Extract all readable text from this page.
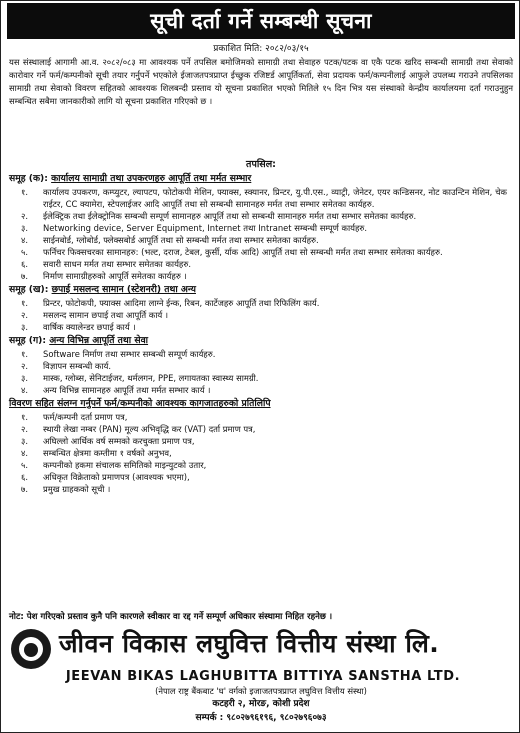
सूची दर्ता गर्ने सम्बन्धी सूचना
प्रकाशित मिति: २०८२/०३/१५
यस संस्थालाई आगामी आ.व. २०८२/०८३ मा आवश्यक पर्ने तपसिल बमोजिमको सामाग्री तथा सेवाहरु पटक/पटक वा एकै पटक खरिद सम्बन्धी सामाग्री तथा सेवाको कारोवार गर्ने फर्म/कम्पनीको सूची तयार गर्नुपर्ने भएकोले ईजाजतपत्रप्राप्त ईच्छुक रजिष्टर्ड आपूर्तिकर्ता, सेवा प्रदायक फर्म/कम्पनीलाई आफुले उपलब्ध गराउने तपसिलका सामाग्री तथा सेवाको विवरण सहितको आवश्यक शिलबन्दी प्रस्ताव यो सूचना प्रकाशित भएको मितिले १५ दिन भित्र यस संस्थाको केन्द्रीय कार्यालयमा दर्ता गराउनुहुन सम्बन्धित सबैमा जानकारीको लागि यो सूचना प्रकाशित गरिएको छ ।
तपसिल:
समूह (क): कार्यालय सामाग्री तथा उपकरणहरु आपूर्ति तथा मर्मत सम्भार
१.	कार्यालय उपकरण, कम्प्युटर, ल्यापटप, फोटोकपी मेशिन, फ्याक्स, स्क्यानर, प्रिन्टर, यु.पी.एस., व्याट्री, जेनेटर, एयर कन्डिसनर, नोट काउन्टिन मेशिन, चेक राईटर, CC क्यामेरा, स्टेपलाईजर आदि आपूर्ति तथा सो सम्बन्धी सामानहरु मर्मत तथा सम्भार समेतका कार्यहरु.
२.	ईलेक्ट्रिक तथा ईलेक्ट्रोनिक सम्बन्धी सम्पूर्ण सामानहरु आपूर्ति तथा सो सम्बन्धी सामानहरु मर्मत तथा सम्भार समेतका कार्यहरु.
३.	Networking device, Server Equipment, Internet तथा Intranet सम्बन्धी सम्पूर्ण कार्यहरु.
४.	साईनबोर्ड, ग्लोबोर्ड, फ्लेक्सबोर्ड आपूर्ति तथा सो सम्बन्धी मर्मत तथा सम्भार समेतका कार्यहरु.
५.	फर्निचर फिक्सचरका सामानहरु: (भल्ट, दराज, टेबल, कुर्सी, र्याक आदि) आपूर्ति तथा सो सम्बन्धी मर्मत तथा सम्भार समेतका कार्यहरु.
६.	सवारी साधन मर्मत तथा सम्भार समेतका कार्यहरु.
७.	निर्माण सामाग्रीहरुको आपूर्ति समेतका कार्यहरु ।
समूह (ख): छपाई मसलन्द सामान (स्टेशनरी) तथा अन्य
१.	प्रिन्टर, फोटोकपी, फ्याक्स आदिमा लाग्ने ईन्क, रिबन, कार्टेजहरु आपूर्ति तथा रिफिलिंग कार्य.
२.	मसलन्द सामान छपाई तथा आपूर्ति कार्य ।
३.	वार्षिक क्यालेन्डर छपाई कार्य ।
समूह (ग): अन्य विभिन्न आपूर्ति तथा सेवा
१.	Software निर्माण तथा सम्भार सम्बन्धी सम्पूर्ण कार्यहरु.
२.	विज्ञापन सम्बन्धी कार्य.
३.	मास्क, ग्लोब्स, सेनिटाईजर, थर्मलगन, PPE, लगायतका स्वास्थ्य सामग्री.
४.	अन्य विभिन्न सामानहरु आपूर्ति तथा मर्मत सम्भार कार्य ।
विवरण सहित संलग्न गर्नुपर्ने फर्म/कम्पनीको आवश्यक कागजातहरुको प्रतिलिपि
१.	फर्म/कम्पनी दर्ता प्रमाण पत्र,
२.	स्थायी लेखा नम्बर (PAN) मूल्य अभिवृद्धि कर (VAT) दर्ता प्रमाण पत्र,
३.	अघिल्लो आर्थिक वर्ष सम्मको करचुक्ता प्रमाण पत्र,
४.	सम्बन्धित क्षेत्रमा कम्तीमा १ वर्षको अनुभव,
५.	कम्पनीको हकमा संचालक समितिको माइन्युटको उतार,
६.	अधिकृत विक्रेताको प्रमाणपत्र (आवश्यक भएमा),
७.	प्रमुख ग्राहकको सूची ।
नोट: पेश गरिएको प्रस्ताव कुनै पनि कारणले स्वीकार वा रद्द गर्ने सम्पूर्ण अधिकार संस्थामा निहित रहनेछ ।
जीवन विकास लघुवित्त वित्तीय संस्था लि.
JEEVAN BIKAS LAGHUBITTA BITTIYA SANSTHA LTD.
(नेपाल राष्ट्र बैंकबाट 'घ' वर्गको इजाजतपत्रप्राप्त लघुवित्त वित्तीय संस्था)
कटहरी २, मोरङ, कोशी प्रदेश
सम्पर्क : ९८०२७९६१९६, ९८०२७९६०७३
